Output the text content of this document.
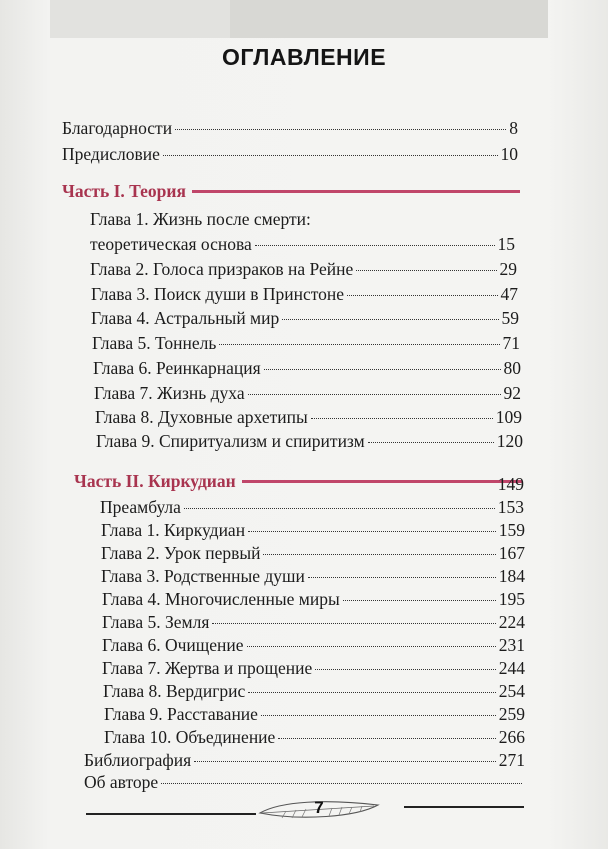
ОГЛАВЛЕНИЕ
Благодарности	8
Предисловие	10
Часть I. Теория
Глава 1. Жизнь после смерти:
теоретическая основа	15
Глава 2. Голоса призраков на Рейне	29
Глава 3. Поиск души в Принстоне	47
Глава 4. Астральный мир	59
Глава 5. Тоннель	71
Глава 6. Реинкарнация	80
Глава 7. Жизнь духа	92
Глава 8. Духовные архетипы	109
Глава 9. Спиритуализм и спиритизм	120
Часть II. Киркудиан	149
Преамбула	153
Глава 1. Киркудиан	159
Глава 2. Урок первый	167
Глава 3. Родственные души	184
Глава 4. Многочисленные миры	195
Глава 5. Земля	224
Глава 6. Очищение	231
Глава 7. Жертва и прощение	244
Глава 8. Вердигрис	254
Глава 9. Расставание	259
Глава 10. Объединение	266
Библиография	271
Об авторе
7
